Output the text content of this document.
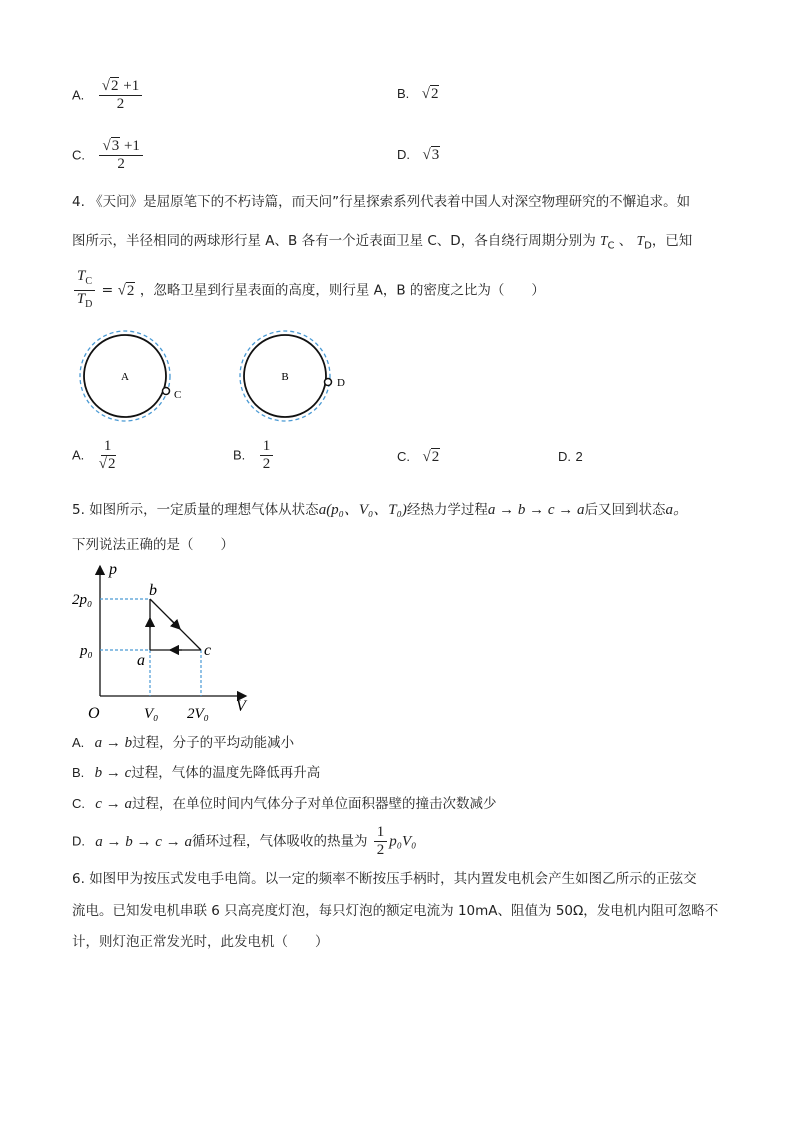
A. $\frac{√2 +1}{2}$	B. √2
C. $\frac{√3 +1}{2}$	D. √3
4. 《天问》是屈原笔下的不朽诗篇，而天问”行星探索系列代表着中国人对深空物理研究的不懈追求。如
图所示，半径相同的两球形行星 A、B 各有一个近表面卫星 C、D，各自绕行周期分别为 $T_C$ 、 $T_D$，已知
$\frac{T_C}{T_D} = √2$ ，忽略卫星到行星表面的高度，则行星 A，B 的密度之比为（　　）
A
C
B	D
A. $\frac{1}{√2}$	B. $\frac{1}{2}$	C. √2	D. 2
5. 如图所示，一定质量的理想气体从状态a(p₀、V₀、T₀)经热力学过程a → b → c → a后又回到状态a。
下列说法正确的是（　　）
p
V
O
2p₀
p₀
V₀ 2V₀
a
b
c
A. a → b过程，分子的平均动能减小
B. b → c过程，气体的温度先降低再升高
C. c → a过程，在单位时间内气体分子对单位面积器壁的撞击次数减少
D. a → b → c → a循环过程，气体吸收的热量为 $\frac{1}{2} p_0V_0$
6. 如图甲为按压式发电手电筒。以一定的频率不断按压手柄时，其内置发电机会产生如图乙所示的正弦交
流电。已知发电机串联 6 只高亮度灯泡，每只灯泡的额定电流为 10mA、阻值为 50Ω，发电机内阻可忽略不
计，则灯泡正常发光时，此发电机（　　）
